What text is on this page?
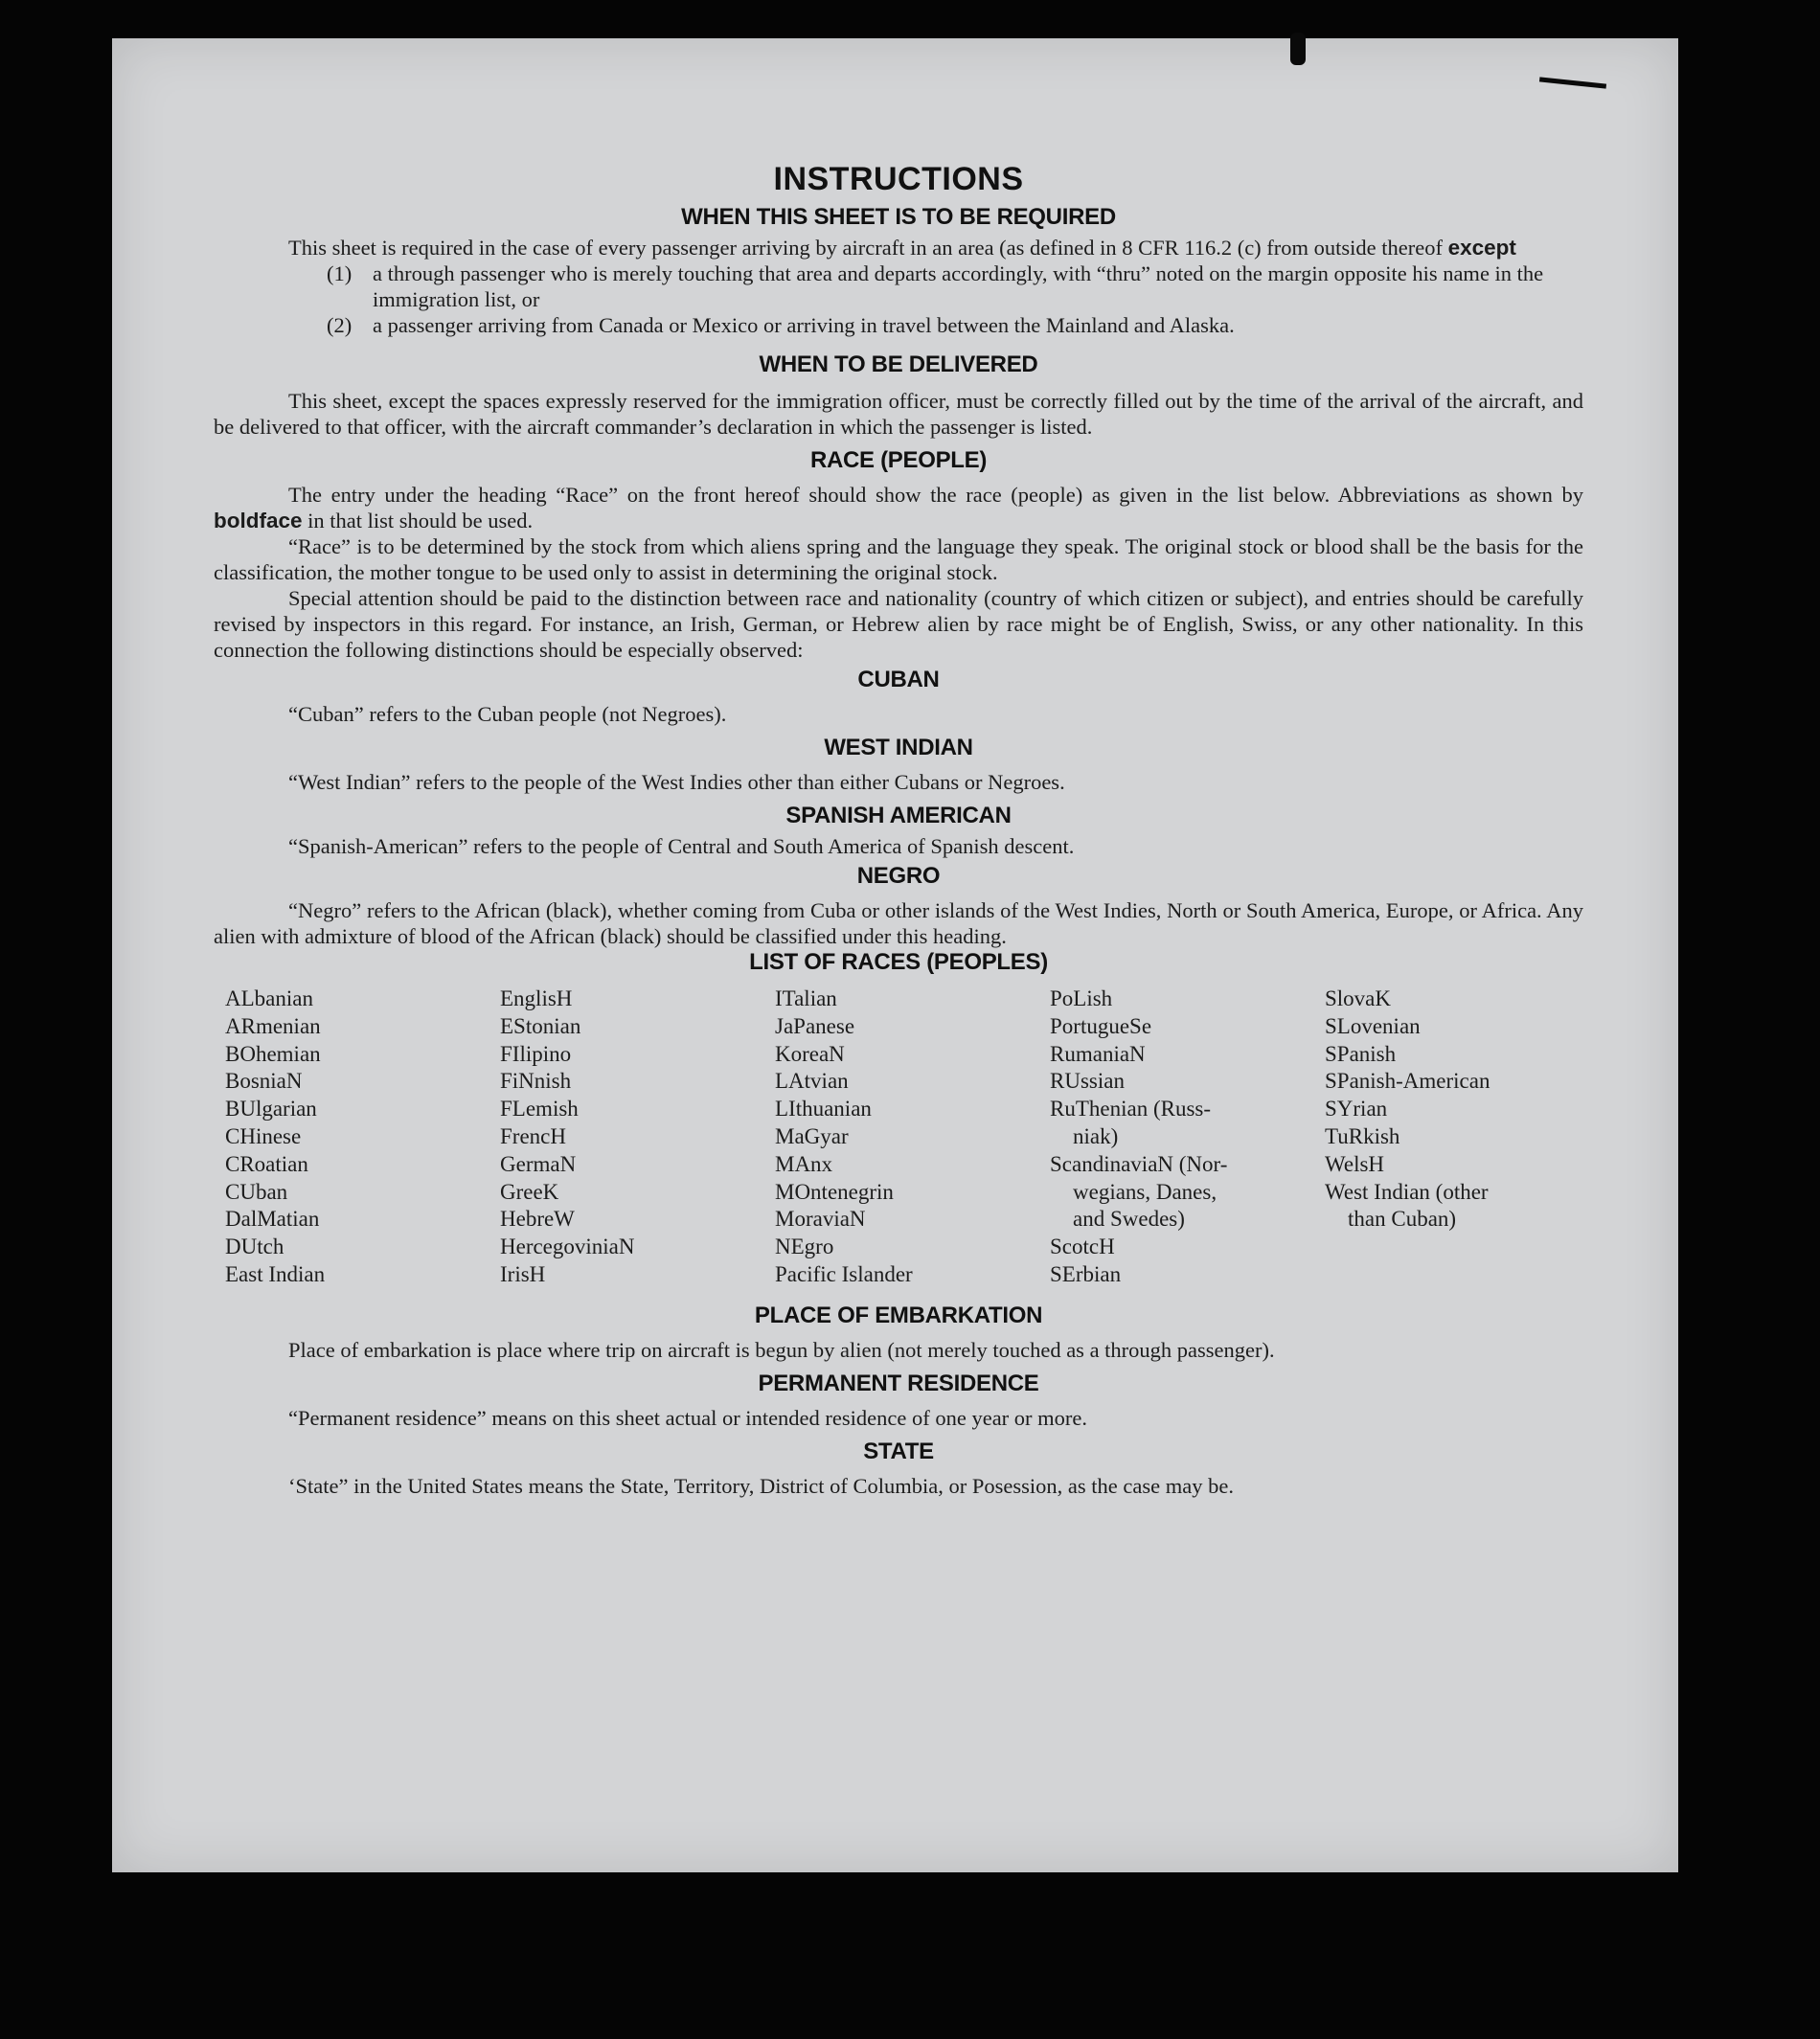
INSTRUCTIONS
WHEN THIS SHEET IS TO BE REQUIRED
This sheet is required in the case of every passenger arriving by aircraft in an area (as defined in 8 CFR 116.2 (c) from outside thereof except
(1) a through passenger who is merely touching that area and departs accordingly, with “thru” noted on the margin opposite his name in the immigration list, or
(2) a passenger arriving from Canada or Mexico or arriving in travel between the Mainland and Alaska.
WHEN TO BE DELIVERED
This sheet, except the spaces expressly reserved for the immigration officer, must be correctly filled out by the time of the arrival of the aircraft, and be delivered to that officer, with the aircraft commander’s declaration in which the passenger is listed.
RACE (PEOPLE)
The entry under the heading “Race” on the front hereof should show the race (people) as given in the list below. Abbreviations as shown by boldface in that list should be used.
“Race” is to be determined by the stock from which aliens spring and the language they speak. The original stock or blood shall be the basis for the classification, the mother tongue to be used only to assist in determining the original stock.
Special attention should be paid to the distinction between race and nationality (country of which citizen or subject), and entries should be carefully revised by inspectors in this regard. For instance, an Irish, German, or Hebrew alien by race might be of English, Swiss, or any other nationality. In this connection the following distinctions should be especially observed:
CUBAN
“Cuban” refers to the Cuban people (not Negroes).
WEST INDIAN
“West Indian” refers to the people of the West Indies other than either Cubans or Negroes.
SPANISH AMERICAN
“Spanish-American” refers to the people of Central and South America of Spanish descent.
NEGRO
“Negro” refers to the African (black), whether coming from Cuba or other islands of the West Indies, North or South America, Europe, or Africa. Any alien with admixture of blood of the African (black) should be classified under this heading.
LIST OF RACES (PEOPLES)
ALbanian
ARmenian
BOhemian
BosniaN
BUlgarian
CHinese
CRoatian
CUban
DalMatian
DUtch
East Indian
EnglisH
EStonian
FIlipino
FiNnish
FLemish
FrencH
GermaN
GreeK
HebreW
HercegoviniaN
IrisH
ITalian
JaPanese
KoreaN
LAtvian
LIthuanian
MaGyar
MAnx
MOntenegrin
MoraviaN
NEgro
Pacific Islander
PoLish
PortugueSe
RumaniaN
RUssian
RuThenian (Russ-
niak)
ScandinaviaN (Nor-
wegians, Danes,
and Swedes)
ScotcH
SErbian
SlovaK
SLovenian
SPanish
SPanish-American
SYrian
TuRkish
WelsH
West Indian (other
than Cuban)
PLACE OF EMBARKATION
Place of embarkation is place where trip on aircraft is begun by alien (not merely touched as a through passenger).
PERMANENT RESIDENCE
“Permanent residence” means on this sheet actual or intended residence of one year or more.
STATE
‘State” in the United States means the State, Territory, District of Columbia, or Posession, as the case may be.
